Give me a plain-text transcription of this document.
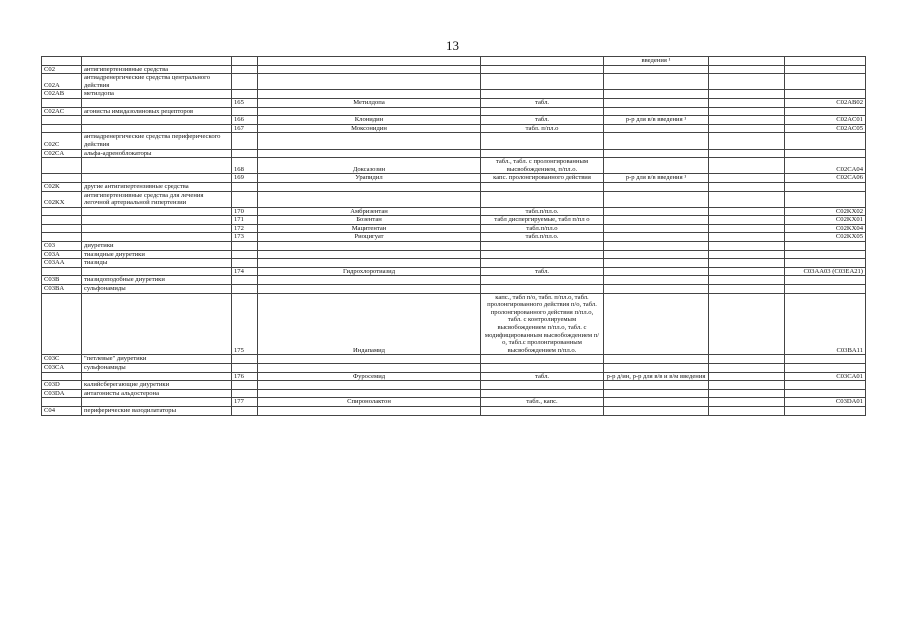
13
					введения ¹		
C02	антигипертензивные средства						
C02A	антиадренергические средства центрального действия						
C02AB	метилдопа						
		165	Метилдопа	табл.			C02AB02
C02AC	агонисты имидазолиновых рецепторов						
		166	Клонидин	табл.	р-р для в/в введения ¹		C02AC01
		167	Моксонидин	табл. п/пл.о			C02AC05
C02C	антиадренергические средства периферического действия						
C02CA	альфа-адреноблокаторы						
		168	Доксазозин	табл., табл. с пролонгированным высвобождением, п/пл.о.			C02CA04
		169	Урапидил	капс. пролонгированного действия	р-р для в/в введения ¹		C02CA06
C02K	другие антигипертензивные средства						
C02KX	антигипертензивные средства для лечения легочной артериальной гипертензии						
		170	Амбризентан	табл.п/пл.о.			C02KX02
		171	Бозентан	табл диспергируемые, табл п/пл о			C02KX01
		172	Мацитентан	табл.п/пл.о			C02KX04
		173	Риоцигуат	табл.п/пл.о.			C02KX05
C03	диуретики						
C03A	тиазидные диуретики						
C03AA	тиазиды						
		174	Гидрохлоротиазид	табл.			C03AA03 (C03EA21)
C03B	тиазидоподобные диуретики						
C03BA	сульфонамиды						
		175	Индапамид	капс., табл п/о, табл. п/пл.о, табл. пролонгированного действия п/о, табл. пролонгированного действия п/пл.о, табл. с контролируемым высвобождением п/пл.о, табл. с модифицированным высвобождением п/о, табл.с пролонгированным высвобождением п/пл.о.			C03BA11
C03C	"петлевые" диуретики						
C03CA	сульфонамиды						
		176	Фуросемид	табл.	р-р д/ин, р-р для в/в и в/м введения		C03CA01
C03D	калийсберегающие диуретики						
C03DA	антагонисты альдостерона						
		177	Спиронолактон	табл., капс.			C03DA01
C04	периферические вазодилататоры						
